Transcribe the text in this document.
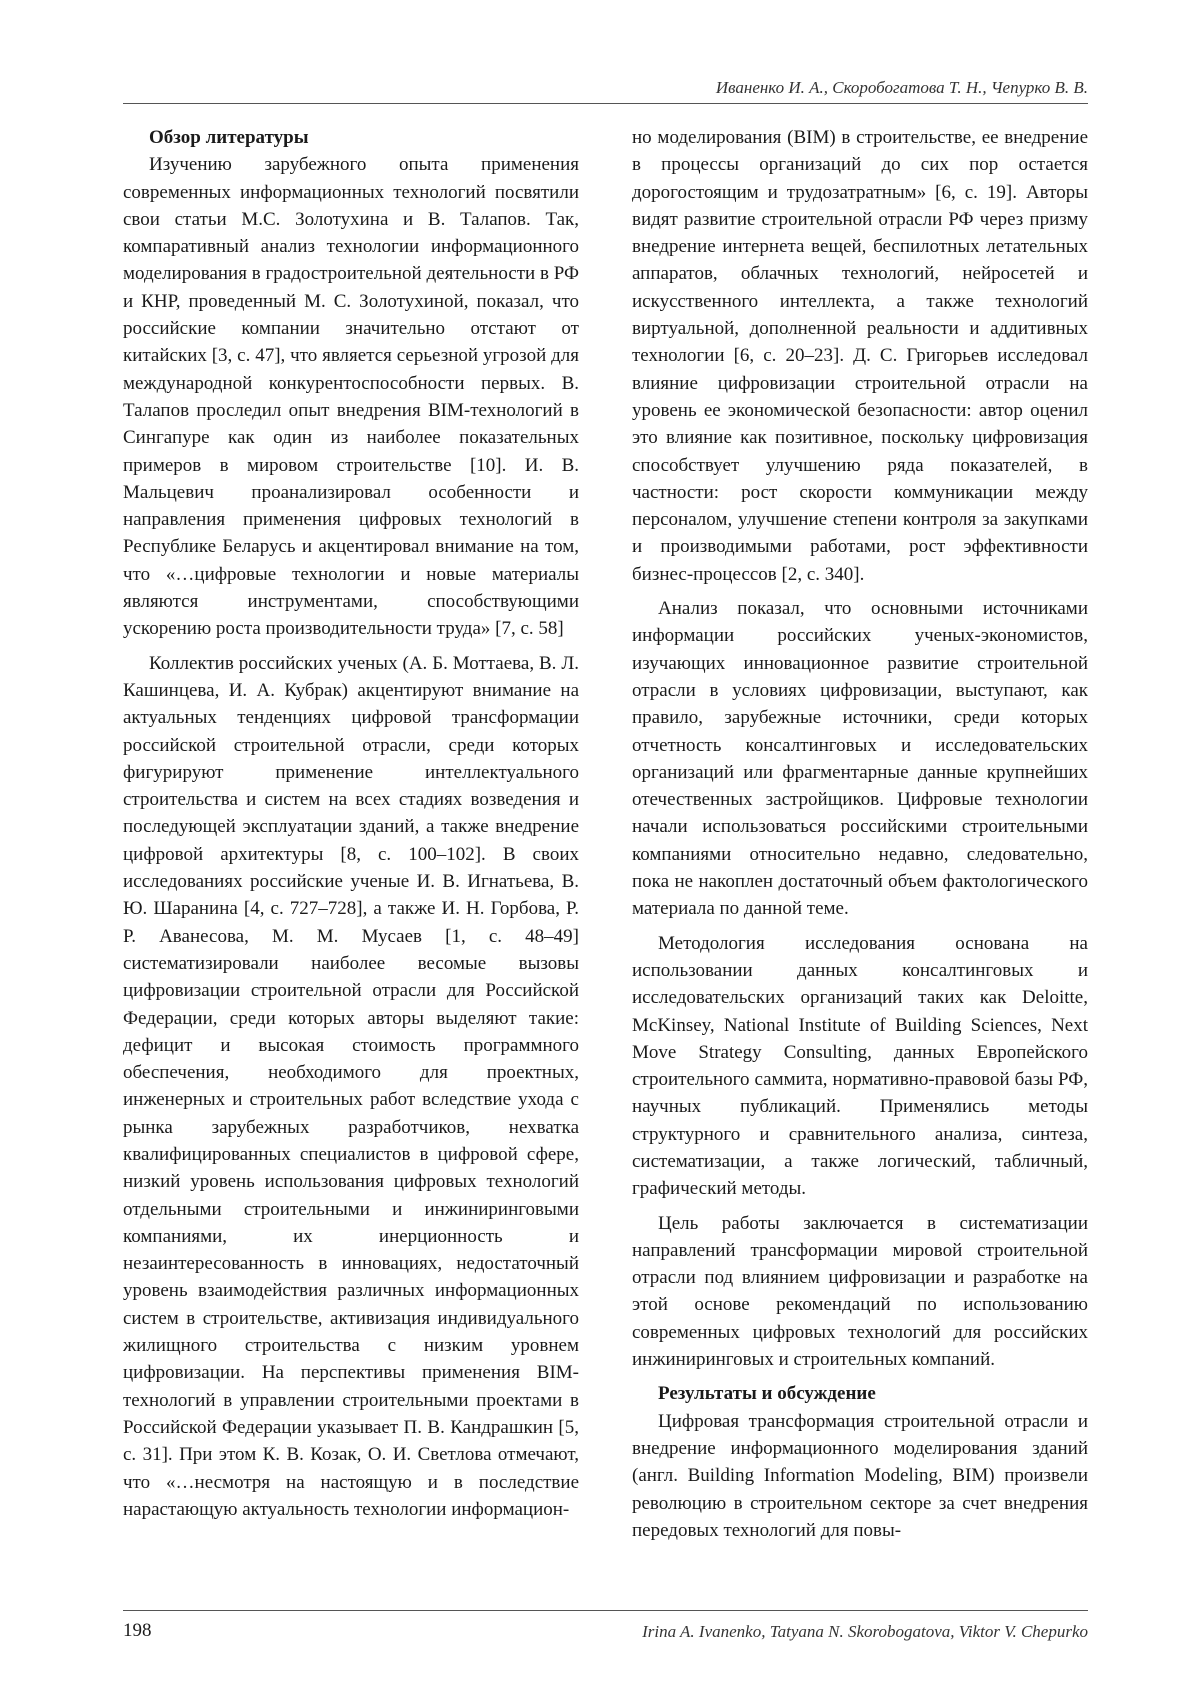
Иваненко И. А., Скоробогатова Т. Н., Чепурко В. В.
Обзор литературы

Изучению зарубежного опыта применения современных информационных технологий посвятили свои статьи М.С. Золотухина и В. Талапов. Так, компаративный анализ технологии информационного моделирования в градостроительной деятельности в РФ и КНР, проведенный М. С. Золотухиной, показал, что российские компании значительно отстают от китайских [3, с. 47], что является серьезной угрозой для международной конкурентоспособности первых. В. Талапов проследил опыт внедрения BIM-технологий в Сингапуре как один из наиболее показательных примеров в мировом строительстве [10]. И. В. Мальцевич проанализировал особенности и направления применения цифровых технологий в Республике Беларусь и акцентировал внимание на том, что «…цифровые технологии и новые материалы являются инструментами, способствующими ускорению роста производительности труда» [7, с. 58]

Коллектив российских ученых (А. Б. Моттаева, В. Л. Кашинцева, И. А. Кубрак) акцентируют внимание на актуальных тенденциях цифровой трансформации российской строительной отрасли, среди которых фигурируют применение интеллектуального строительства и систем на всех стадиях возведения и последующей эксплуатации зданий, а также внедрение цифровой архитектуры [8, с. 100–102]. В своих исследованиях российские ученые И. В. Игнатьева, В. Ю. Шаранина [4, с. 727–728], а также И. Н. Горбова, Р. Р. Аванесова, М. М. Мусаев [1, с. 48–49] систематизировали наиболее весомые вызовы цифровизации строительной отрасли для Российской Федерации, среди которых авторы выделяют такие: дефицит и высокая стоимость программного обеспечения, необходимого для проектных, инженерных и строительных работ вследствие ухода с рынка зарубежных разработчиков, нехватка квалифицированных специалистов в цифровой сфере, низкий уровень использования цифровых технологий отдельными строительными и инжиниринговыми компаниями, их инерционность и незаинтересованность в инновациях, недостаточный уровень взаимодействия различных информационных систем в строительстве, активизация индивидуального жилищного строительства с низким уровнем цифровизации. На перспективы применения BIM-технологий в управлении строительными проектами в Российской Федерации указывает П. В. Кандрашкин [5, с. 31]. При этом К. В. Козак, О. И. Светлова отмечают, что «…несмотря на настоящую и в последствие нарастающую актуальность технологии информацион-

но моделирования (BIM) в строительстве, ее внедрение в процессы организаций до сих пор остается дорогостоящим и трудозатратным» [6, с. 19]. Авторы видят развитие строительной отрасли РФ через призму внедрение интернета вещей, беспилотных летательных аппаратов, облачных технологий, нейросетей и искусственного интеллекта, а также технологий виртуальной, дополненной реальности и аддитивных технологии [6, с. 20–23]. Д. С. Григорьев исследовал влияние цифровизации строительной отрасли на уровень ее экономической безопасности: автор оценил это влияние как позитивное, поскольку цифровизация способствует улучшению ряда показателей, в частности: рост скорости коммуникации между персоналом, улучшение степени контроля за закупками и производимыми работами, рост эффективности бизнес-процессов [2, с. 340].

Анализ показал, что основными источниками информации российских ученых-экономистов, изучающих инновационное развитие строительной отрасли в условиях цифровизации, выступают, как правило, зарубежные источники, среди которых отчетность консалтинговых и исследовательских организаций или фрагментарные данные крупнейших отечественных застройщиков. Цифровые технологии начали использоваться российскими строительными компаниями относительно недавно, следовательно, пока не накоплен достаточный объем фактологического материала по данной теме.

Методология исследования основана на использовании данных консалтинговых и исследовательских организаций таких как Deloitte, McKinsey, National Institute of Building Sciences, Next Move Strategy Consulting, данных Европейского строительного саммита, нормативно-правовой базы РФ, научных публикаций. Применялись методы структурного и сравнительного анализа, синтеза, систематизации, а также логический, табличный, графический методы.

Цель работы заключается в систематизации направлений трансформации мировой строительной отрасли под влиянием цифровизации и разработке на этой основе рекомендаций по использованию современных цифровых технологий для российских инжиниринговых и строительных компаний.

Результаты и обсуждение

Цифровая трансформация строительной отрасли и внедрение информационного моделирования зданий (англ. Building Information Modeling, BIM) произвели революцию в строительном секторе за счет внедрения передовых технологий для повы-

198	Irina A. Ivanenko, Tatyana N. Skorobogatova, Viktor V. Chepurko
